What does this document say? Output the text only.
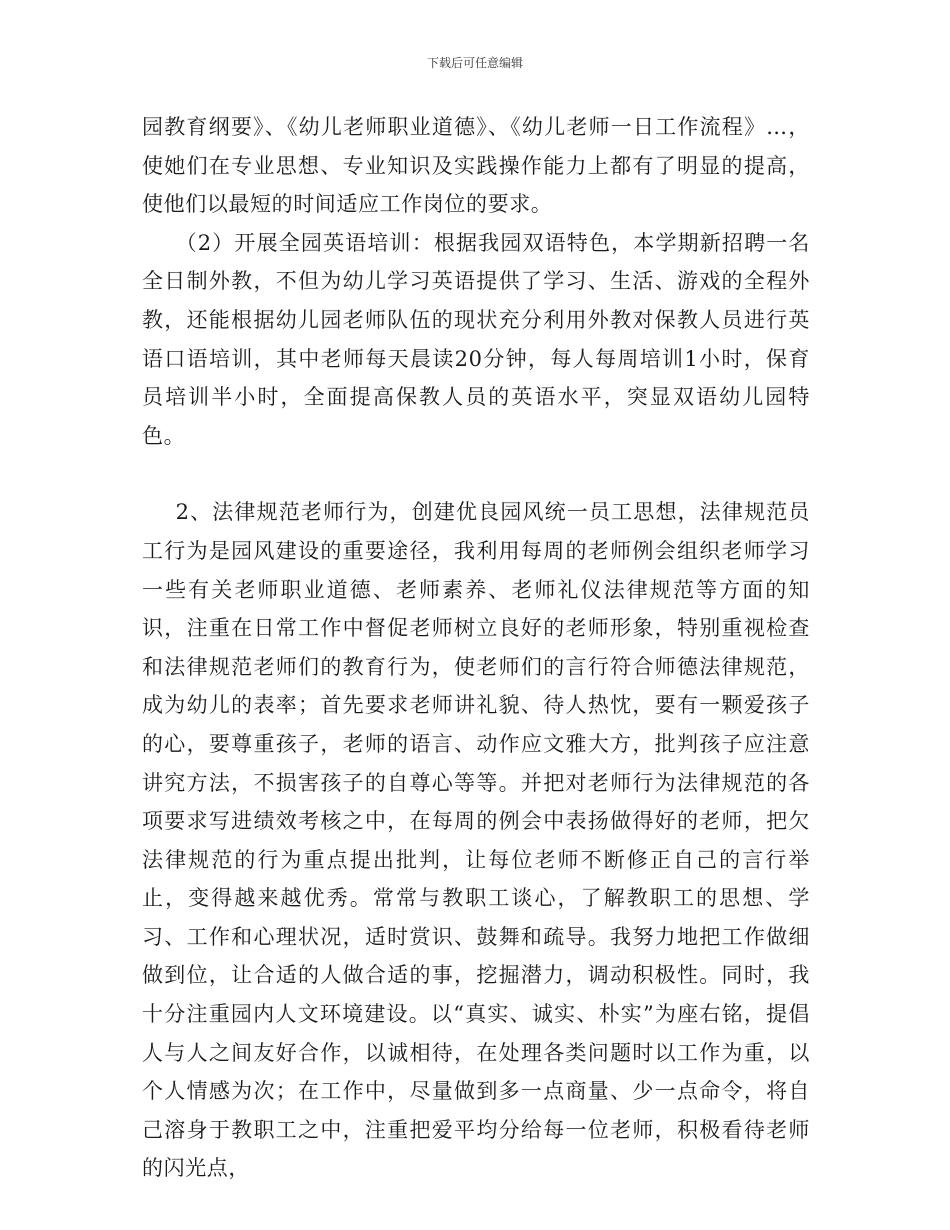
下载后可任意编辑

园教育纲要》、《幼儿老师职业道德》、《幼儿老师一日工作流程》…，使她们在专业思想、专业知识及实践操作能力上都有了明显的提高，使他们以最短的时间适应工作岗位的要求。

（2）开展全园英语培训：根据我园双语特色，本学期新招聘一名全日制外教，不但为幼儿学习英语提供了学习、生活、游戏的全程外教，还能根据幼儿园老师队伍的现状充分利用外教对保教人员进行英语口语培训，其中老师每天晨读20分钟，每人每周培训1小时，保育员培训半小时，全面提高保教人员的英语水平，突显双语幼儿园特色。

2、法律规范老师行为，创建优良园风统一员工思想，法律规范员工行为是园风建设的重要途径，我利用每周的老师例会组织老师学习一些有关老师职业道德、老师素养、老师礼仪法律规范等方面的知识，注重在日常工作中督促老师树立良好的老师形象，特别重视检查和法律规范老师们的教育行为，使老师们的言行符合师德法律规范，成为幼儿的表率；首先要求老师讲礼貌、待人热忱，要有一颗爱孩子的心，要尊重孩子，老师的语言、动作应文雅大方，批判孩子应注意讲究方法，不损害孩子的自尊心等等。并把对老师行为法律规范的各项要求写进绩效考核之中，在每周的例会中表扬做得好的老师，把欠法律规范的行为重点提出批判，让每位老师不断修正自己的言行举止，变得越来越优秀。常常与教职工谈心，了解教职工的思想、学习、工作和心理状况，适时赏识、鼓舞和疏导。我努力地把工作做细做到位，让合适的人做合适的事，挖掘潜力，调动积极性。同时，我十分注重园内人文环境建设。以“真实、诚实、朴实”为座右铭，提倡人与人之间友好合作，以诚相待，在处理各类问题时以工作为重，以个人情感为次；在工作中，尽量做到多一点商量、少一点命令，将自己溶身于教职工之中，注重把爱平均分给每一位老师，积极看待老师的闪光点，
